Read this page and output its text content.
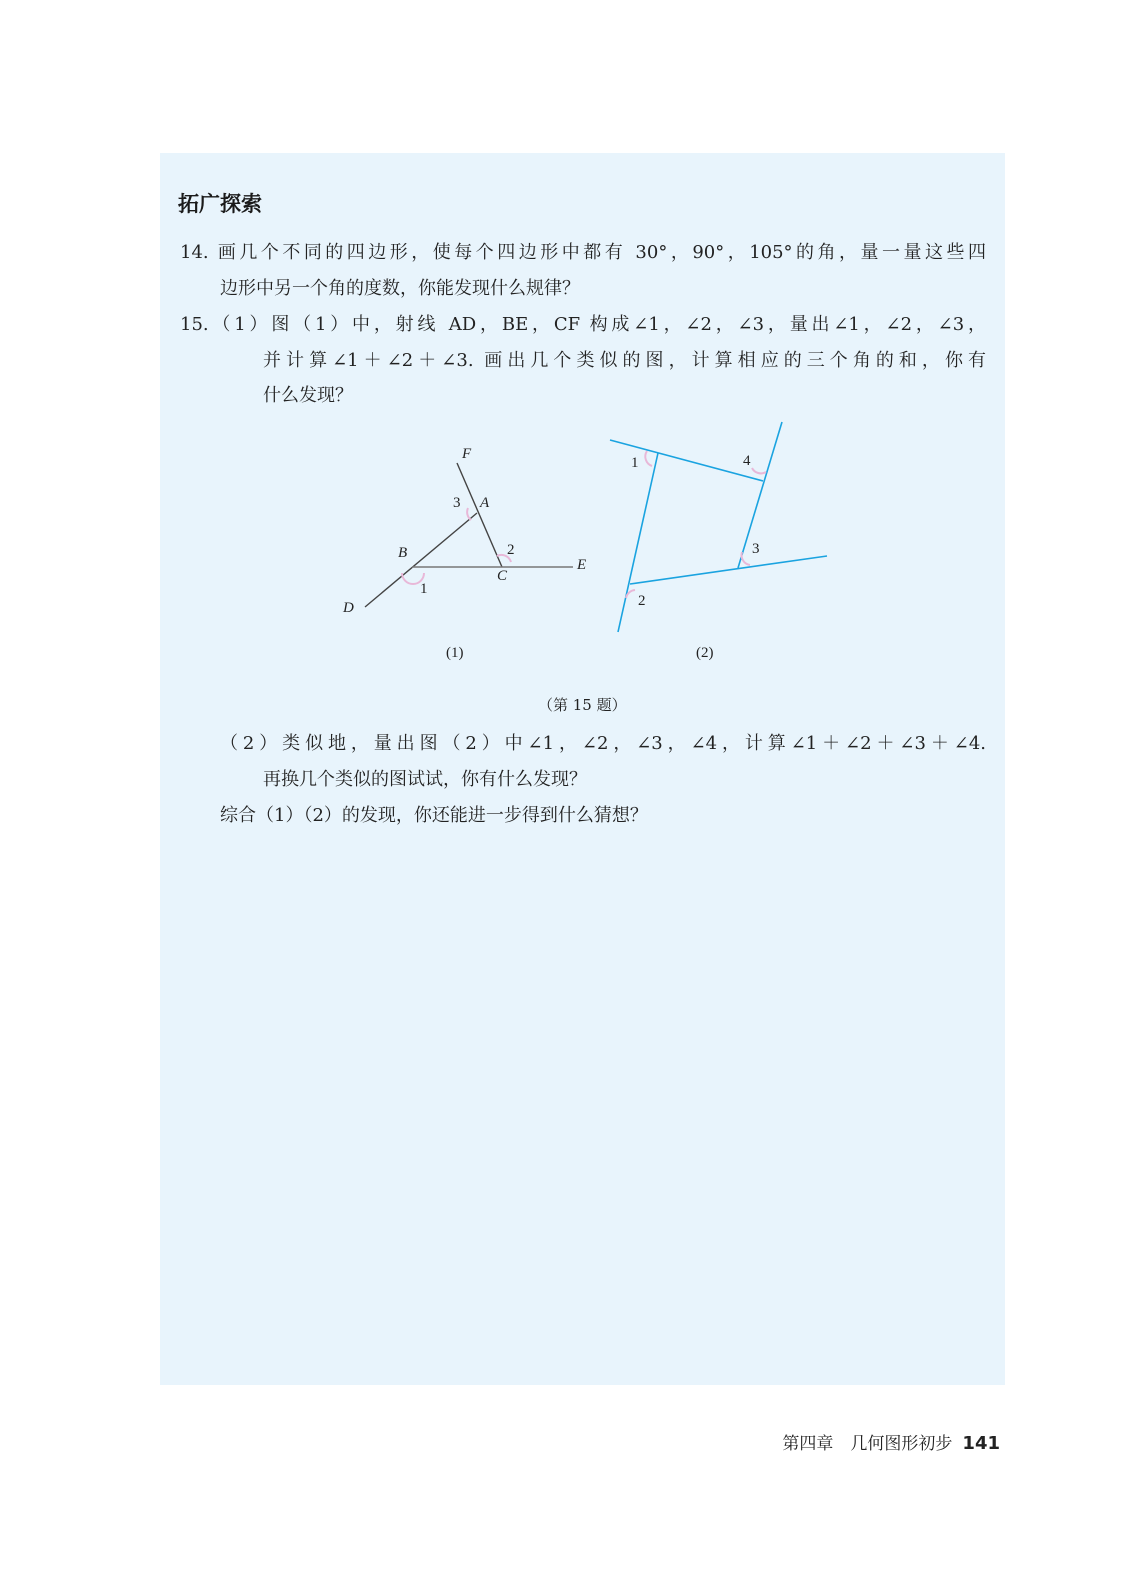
拓广探索
14. 画几个不同的四边形，使每个四边形中都有 30°，90°，105°的角，量一量这些四
边形中另一个角的度数，你能发现什么规律？
15.（1）图（1）中，射线 AD，BE，CF 构成∠1，∠2，∠3，量出∠1，∠2，∠3，
并计算∠1＋∠2＋∠3. 画出几个类似的图，计算相应的三个角的和，你有
什么发现？
F
A
3
B	2
C
E
1
D
(1)
1	4
3
2
(2)
（第 15 题）
（2）类似地，量出图（2）中∠1，∠2，∠3，∠4，计算∠1＋∠2＋∠3＋∠4.
再换几个类似的图试试，你有什么发现？
综合（1）（2）的发现，你还能进一步得到什么猜想？
第四章　几何图形初步 141
